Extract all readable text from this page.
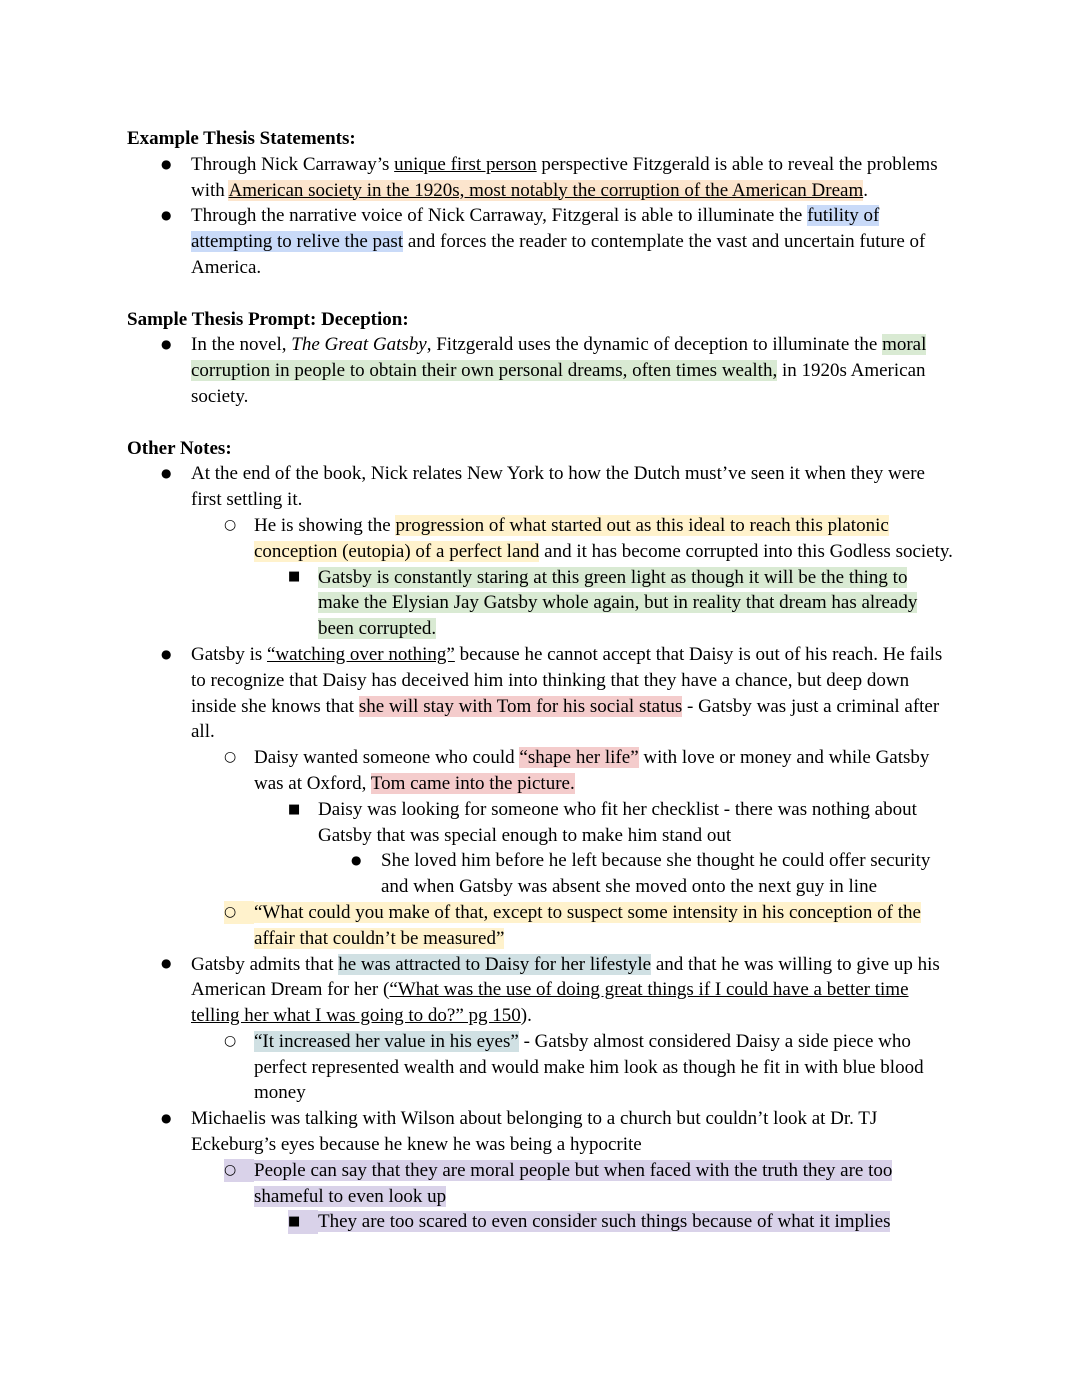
Example Thesis Statements:
● Through Nick Carraway’s unique first person perspective Fitzgerald is able to reveal the problems with American society in the 1920s, most notably the corruption of the American Dream.
● Through the narrative voice of Nick Carraway, Fitzgeral is able to illuminate the futility of attempting to relive the past and forces the reader to contemplate the vast and uncertain future of America.
Sample Thesis Prompt: Deception:
● In the novel, The Great Gatsby, Fitzgerald uses the dynamic of deception to illuminate the moral corruption in people to obtain their own personal dreams, often times wealth, in 1920s American society.
Other Notes:
● At the end of the book, Nick relates New York to how the Dutch must’ve seen it when they were first settling it.
○ He is showing the progression of what started out as this ideal to reach this platonic conception (eutopia) of a perfect land and it has become corrupted into this Godless society.
■ Gatsby is constantly staring at this green light as though it will be the thing to make the Elysian Jay Gatsby whole again, but in reality that dream has already been corrupted.
● Gatsby is “watching over nothing” because he cannot accept that Daisy is out of his reach. He fails to recognize that Daisy has deceived him into thinking that they have a chance, but deep down inside she knows that she will stay with Tom for his social status - Gatsby was just a criminal after all.
○ Daisy wanted someone who could “shape her life” with love or money and while Gatsby was at Oxford, Tom came into the picture.
■ Daisy was looking for someone who fit her checklist - there was nothing about Gatsby that was special enough to make him stand out
● She loved him before he left because she thought he could offer security and when Gatsby was absent she moved onto the next guy in line
○ “What could you make of that, except to suspect some intensity in his conception of the affair that couldn’t be measured”
● Gatsby admits that he was attracted to Daisy for her lifestyle and that he was willing to give up his American Dream for her (“What was the use of doing great things if I could have a better time telling her what I was going to do?” pg 150).
○ “It increased her value in his eyes” - Gatsby almost considered Daisy a side piece who perfect represented wealth and would make him look as though he fit in with blue blood money
● Michaelis was talking with Wilson about belonging to a church but couldn’t look at Dr. TJ Eckeburg’s eyes because he knew he was being a hypocrite
○ People can say that they are moral people but when faced with the truth they are too shameful to even look up
■ They are too scared to even consider such things because of what it implies
